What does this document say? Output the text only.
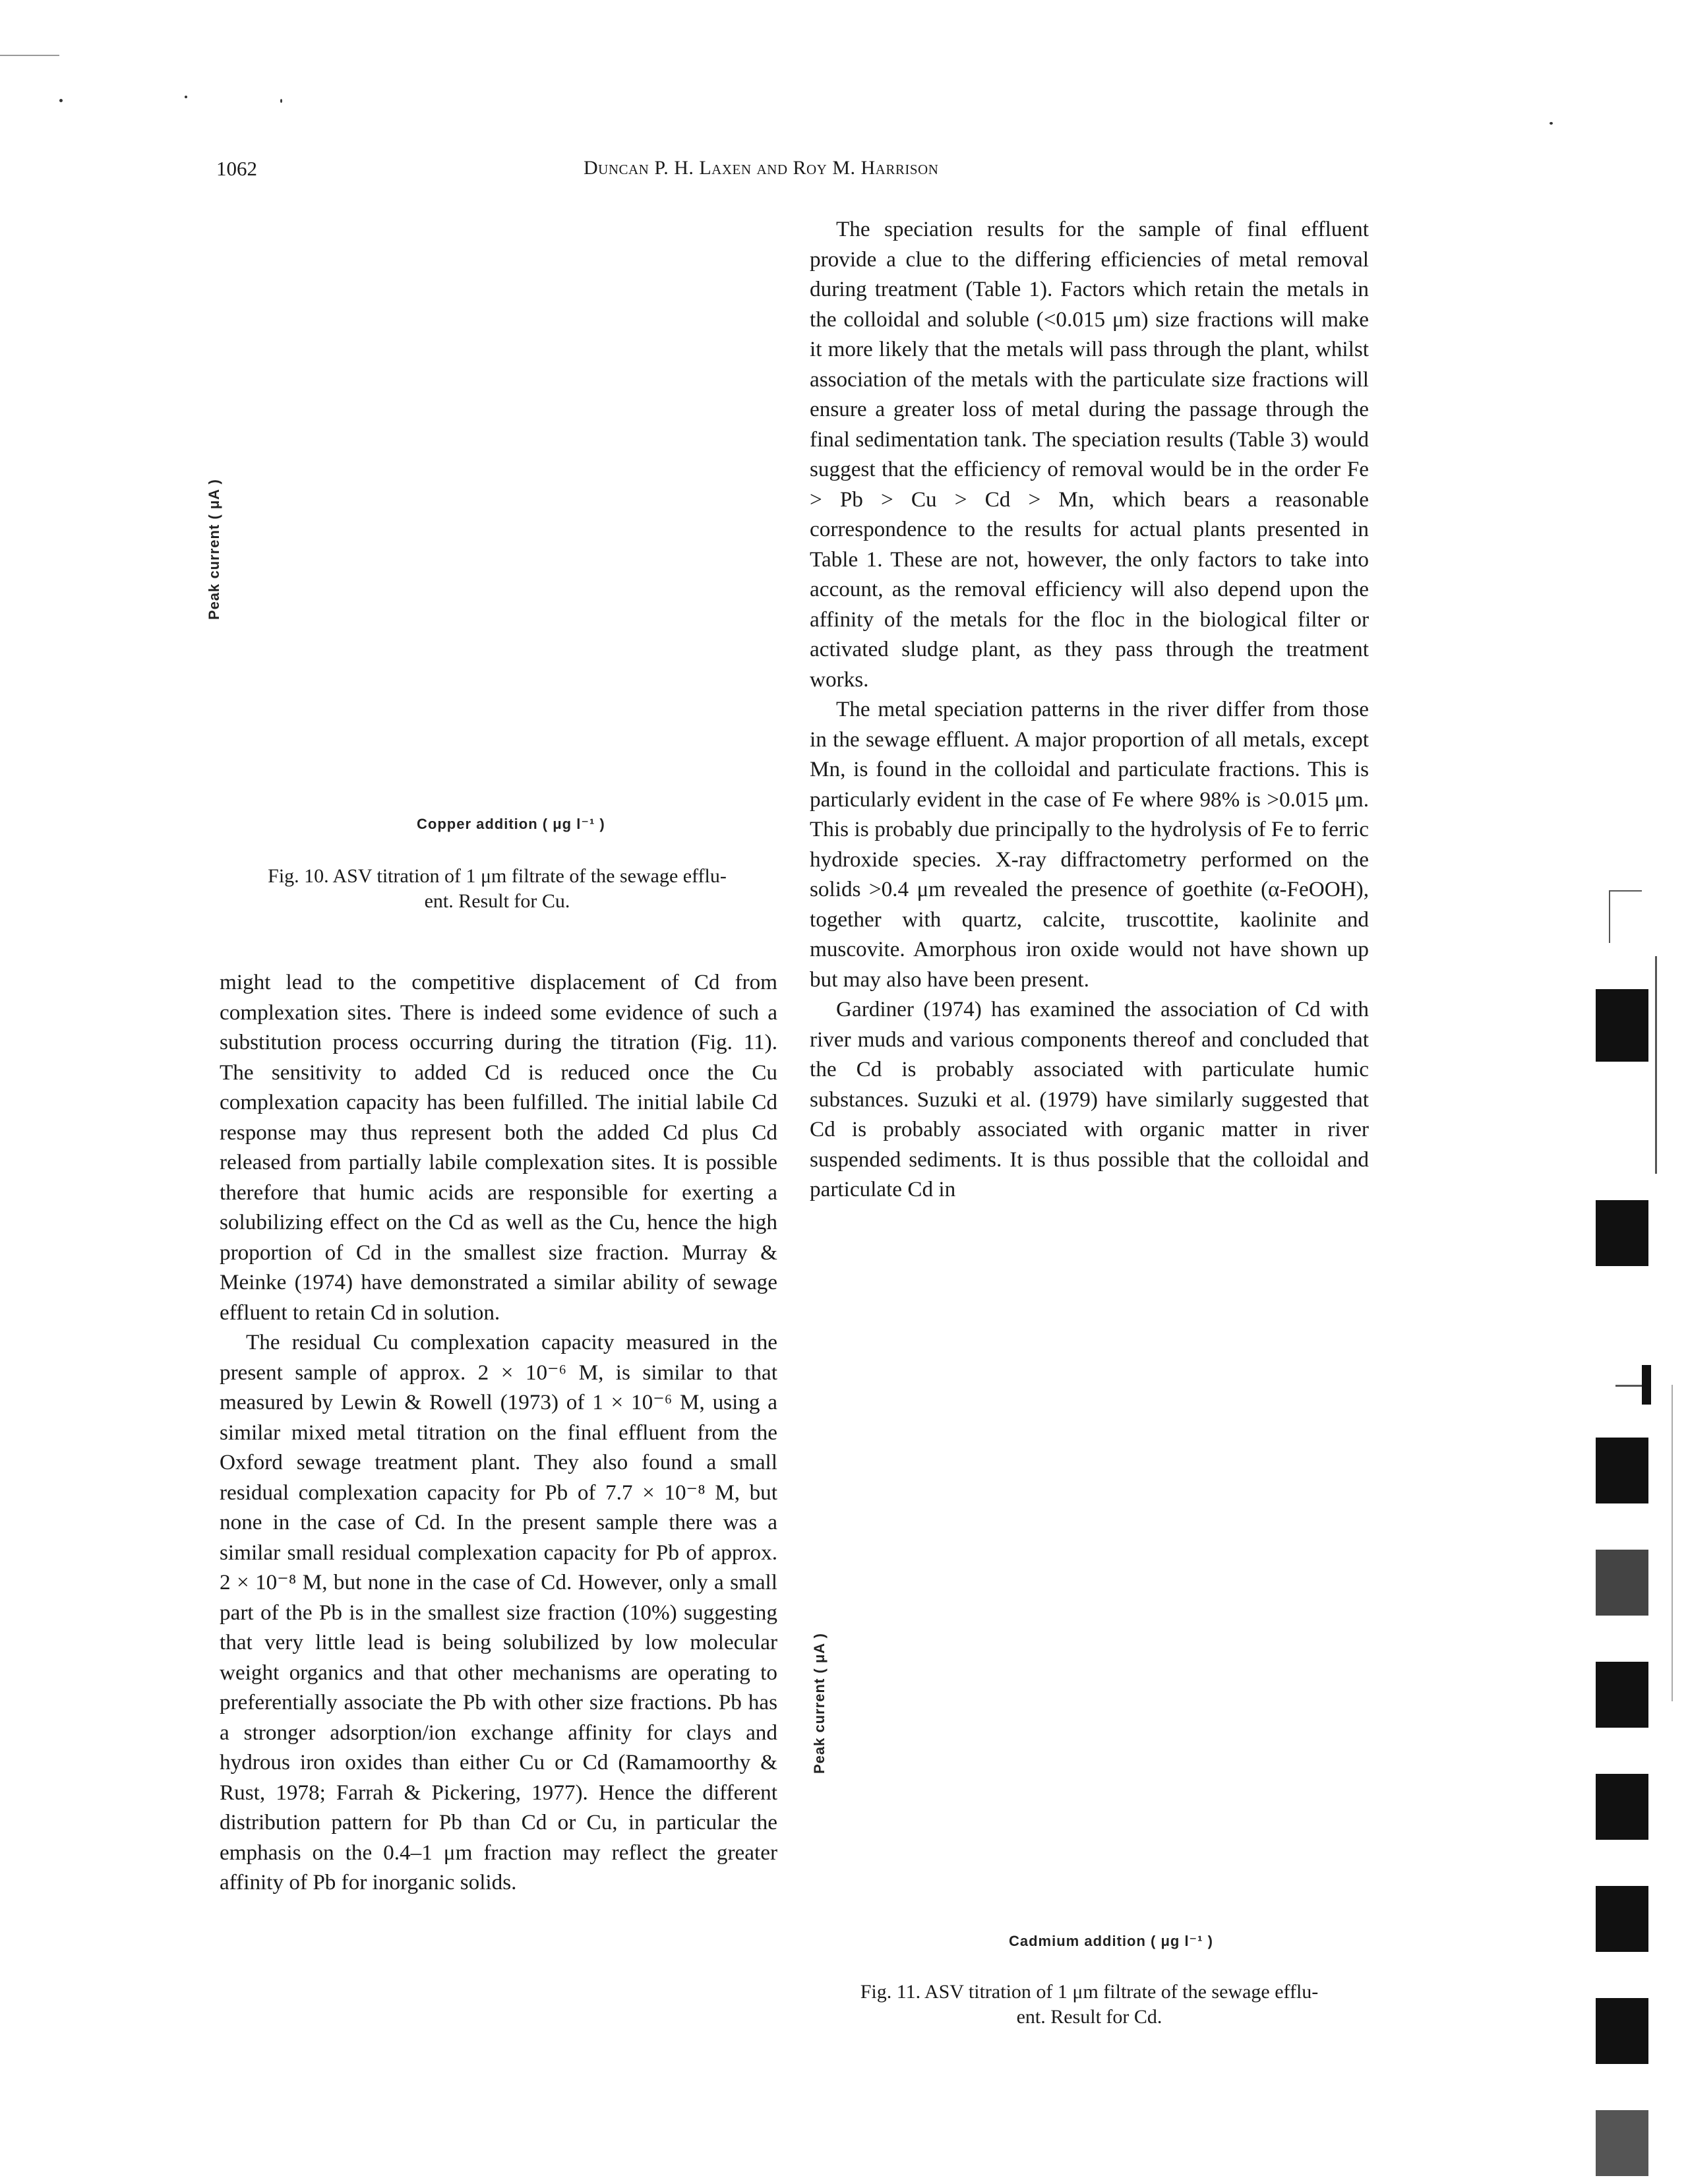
1062	Duncan P. H. Laxen and Roy M. Harrison
Peak current ( μA )
Copper addition ( μg l⁻¹ )
Fig. 10. ASV titration of 1 μm filtrate of the sewage efflu-
ent. Result for Cu.

might lead to the competitive displacement of Cd from complexation sites. There is indeed some evidence of such a substitution process occurring during the titration (Fig. 11). The sensitivity to added Cd is reduced once the Cu complexation capacity has been fulfilled. The initial labile Cd response may thus represent both the added Cd plus Cd released from partially labile complexation sites. It is possible therefore that humic acids are responsible for exerting a solubilizing effect on the Cd as well as the Cu, hence the high proportion of Cd in the smallest size fraction. Murray & Meinke (1974) have demonstrated a similar ability of sewage effluent to retain Cd in solution.

The residual Cu complexation capacity measured in the present sample of approx. 2 × 10⁻⁶ M, is similar to that measured by Lewin & Rowell (1973) of 1 × 10⁻⁶ M, using a similar mixed metal titration on the final effluent from the Oxford sewage treatment plant. They also found a small residual complexation capacity for Pb of 7.7 × 10⁻⁸ M, but none in the case of Cd. In the present sample there was a similar small residual complexation capacity for Pb of approx. 2 × 10⁻⁸ M, but none in the case of Cd. However, only a small part of the Pb is in the smallest size fraction (10%) suggesting that very little lead is being solubilized by low molecular weight organics and that other mechanisms are operating to preferentially associate the Pb with other size fractions. Pb has a stronger adsorption/ion exchange affinity for clays and hydrous iron oxides than either Cu or Cd (Ramamoorthy & Rust, 1978; Farrah & Pickering, 1977). Hence the different distribution pattern for Pb than Cd or Cu, in particular the emphasis on the 0.4–1 μm fraction may reflect the greater affinity of Pb for inorganic solids.

The speciation results for the sample of final effluent provide a clue to the differing efficiencies of metal removal during treatment (Table 1). Factors which retain the metals in the colloidal and soluble (<0.015 μm) size fractions will make it more likely that the metals will pass through the plant, whilst association of the metals with the particulate size fractions will ensure a greater loss of metal during the passage through the final sedimentation tank. The speciation results (Table 3) would suggest that the efficiency of removal would be in the order Fe > Pb > Cu > Cd > Mn, which bears a reasonable correspondence to the results for actual plants presented in Table 1. These are not, however, the only factors to take into account, as the removal efficiency will also depend upon the affinity of the metals for the floc in the biological filter or activated sludge plant, as they pass through the treatment works.

The metal speciation patterns in the river differ from those in the sewage effluent. A major proportion of all metals, except Mn, is found in the colloidal and particulate fractions. This is particularly evident in the case of Fe where 98% is >0.015 μm. This is probably due principally to the hydrolysis of Fe to ferric hydroxide species. X-ray diffractometry performed on the solids >0.4 μm revealed the presence of goethite (α-FeOOH), together with quartz, calcite, truscottite, kaolinite and muscovite. Amorphous iron oxide would not have shown up but may also have been present.

Gardiner (1974) has examined the association of Cd with river muds and various components thereof and concluded that the Cd is probably associated with particulate humic substances. Suzuki et al. (1979) have similarly suggested that Cd is probably associated with organic matter in river suspended sediments. It is thus possible that the colloidal and particulate Cd in

Peak current ( μA )
Cadmium addition ( μg l⁻¹ )
Fig. 11. ASV titration of 1 μm filtrate of the sewage efflu-
ent. Result for Cd.
